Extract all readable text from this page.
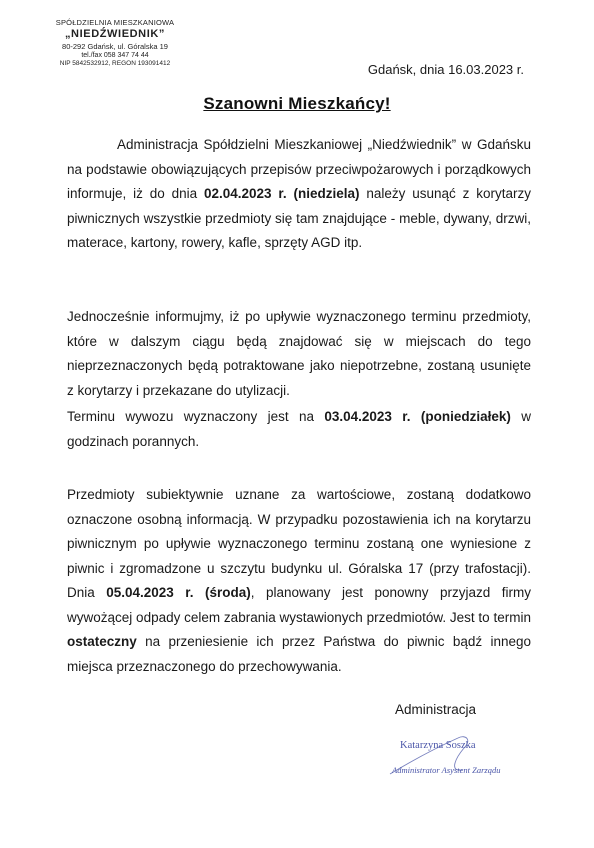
SPÓŁDZIELNIA MIESZKANIOWA
„NIEDŹWIEDNIK”
80-292 Gdańsk, ul. Góralska 19
tel./fax 058 347 74 44
NIP 5842532912, REGON 193091412	Gdańsk, dnia 16.03.2023 r.
Szanowni Mieszkańcy!
Administracja Spółdzielni Mieszkaniowej „Niedźwiednik” w Gdańsku na podstawie obowiązujących przepisów przeciwpożarowych i porządkowych informuje, iż do dnia 02.04.2023 r. (niedziela) należy usunąć z korytarzy piwnicznych wszystkie przedmioty się tam znajdujące - meble, dywany, drzwi, materace, kartony, rowery, kafle, sprzęty AGD itp.
Jednocześnie informujmy, iż po upływie wyznaczonego terminu przedmioty, które w dalszym ciągu będą znajdować się w miejscach do tego nieprzeznaczonych będą potraktowane jako niepotrzebne, zostaną usunięte z korytarzy i przekazane do utylizacji.
Terminu wywozu wyznaczony jest na 03.04.2023 r. (poniedziałek) w godzinach porannych.
Przedmioty subiektywnie uznane za wartościowe, zostaną dodatkowo oznaczone osobną informacją. W przypadku pozostawienia ich na korytarzu piwnicznym po upływie wyznaczonego terminu zostaną one wyniesione z piwnic i zgromadzone u szczytu budynku ul. Góralska 17 (przy trafostacji). Dnia 05.04.2023 r. (środa), planowany jest ponowny przyjazd firmy wywożącej odpady celem zabrania wystawionych przedmiotów. Jest to termin ostateczny na przeniesienie ich przez Państwa do piwnic bądź innego miejsca przeznaczonego do przechowywania.
Administracja
Katarzyna Soszka
Administrator Asystent Zarządu
